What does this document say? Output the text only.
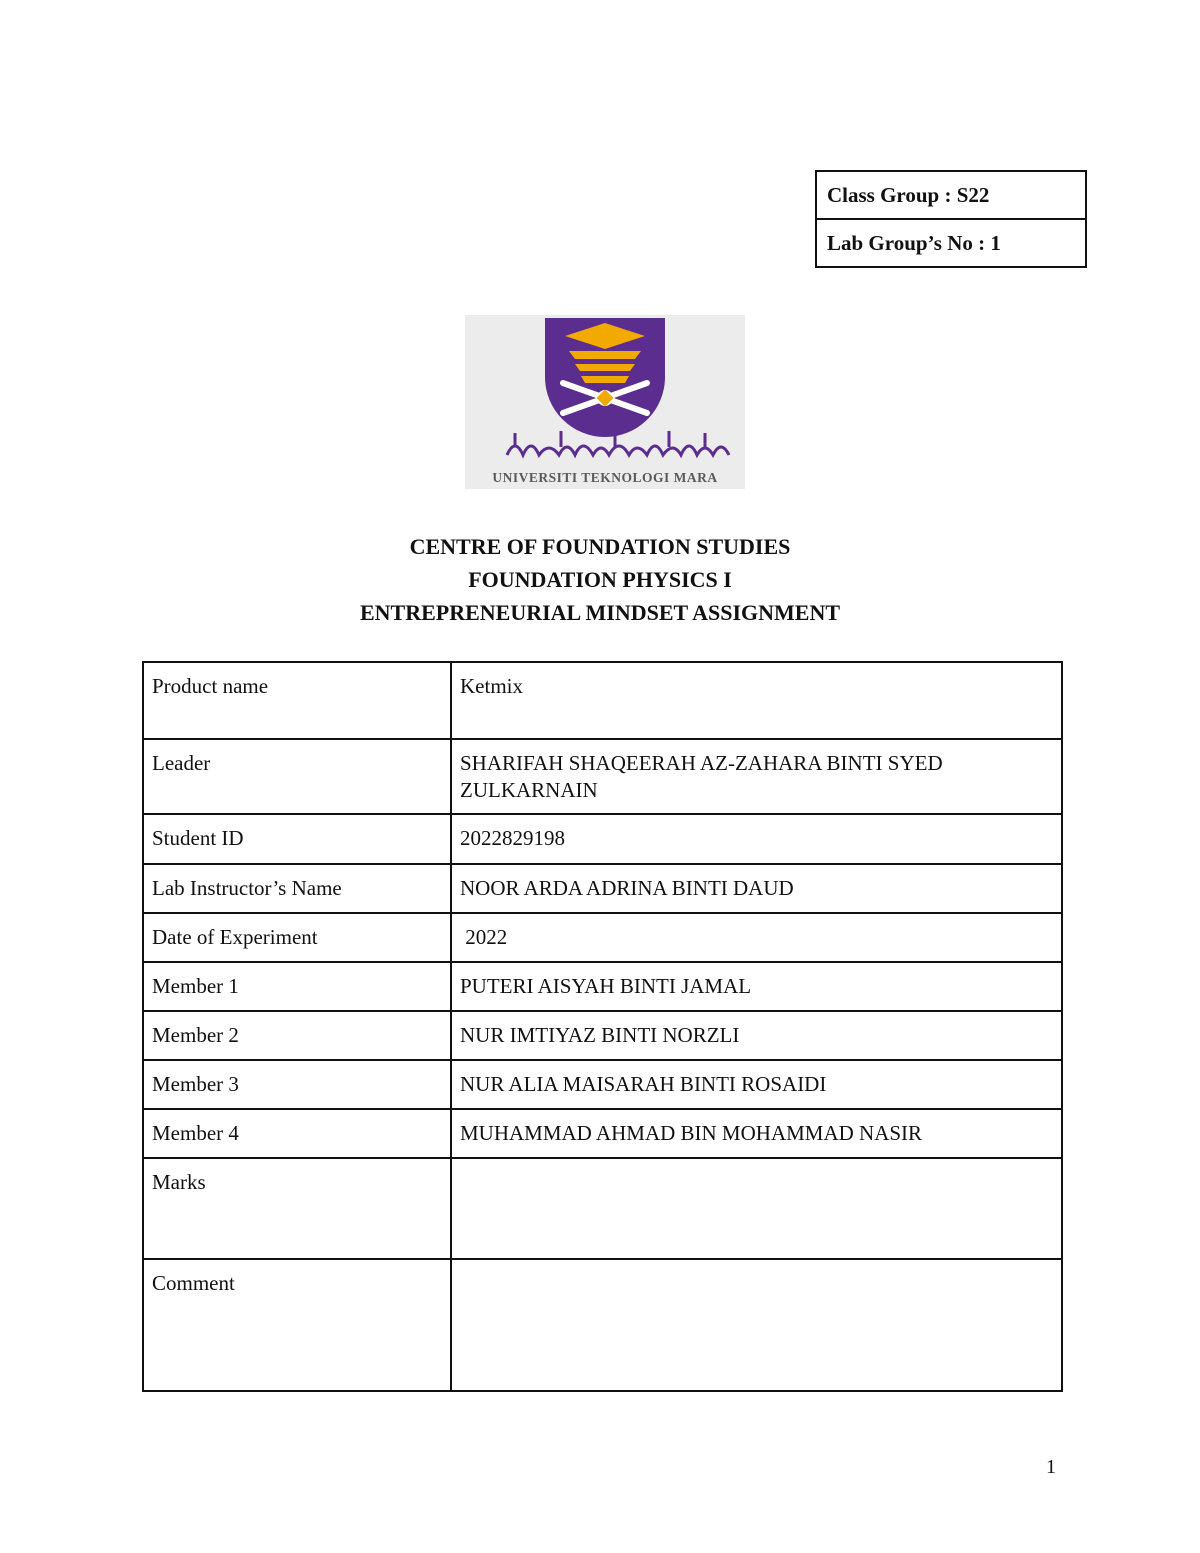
Class Group : S22
Lab Group’s No : 1
UNIVERSITI TEKNOLOGI MARA
CENTRE OF FOUNDATION STUDIES
FOUNDATION PHYSICS I
ENTREPRENEURIAL MINDSET ASSIGNMENT
Product name	Ketmix
Leader	SHARIFAH SHAQEERAH AZ-ZAHARA BINTI SYED ZULKARNAIN
Student ID	2022829198
Lab Instructor’s Name	NOOR ARDA ADRINA BINTI DAUD
Date of Experiment	2022
Member 1	PUTERI AISYAH BINTI JAMAL
Member 2	NUR IMTIYAZ BINTI NORZLI
Member 3	NUR ALIA MAISARAH BINTI ROSAIDI
Member 4	MUHAMMAD AHMAD BIN MOHAMMAD NASIR
Marks	
Comment	
1
